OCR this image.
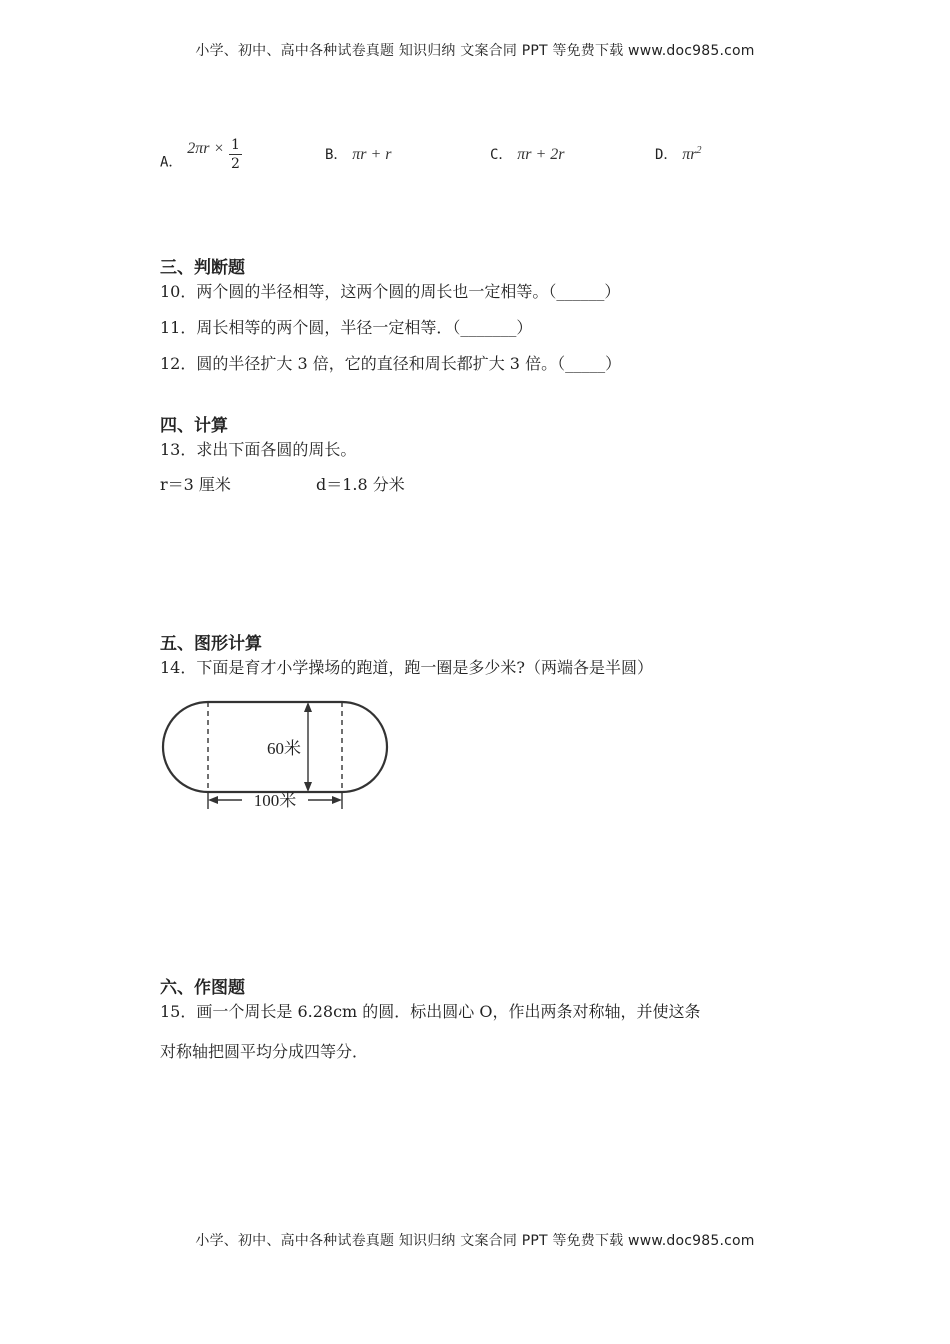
小学、初中、高中各种试卷真题 知识归纳 文案合同 PPT 等免费下载 www.doc985.com
A． $2\pi r \times \frac{1}{2}$	B． πr + r	C． πr + 2r	D． $\pi r^2$
三、判断题
10．两个圆的半径相等，这两个圆的周长也一定相等。（______）
11．周长相等的两个圆，半径一定相等．（_______）
12．圆的半径扩大 3 倍，它的直径和周长都扩大 3 倍。（_____）
四、计算
13．求出下面各圆的周长。
r＝3 厘米	d＝1.8 分米
五、图形计算
14．下面是育才小学操场的跑道，跑一圈是多少米?（两端各是半圆）
60米
100米
六、作图题
15．画一个周长是 6.28cm 的圆．标出圆心 O，作出两条对称轴，并使这条
对称轴把圆平均分成四等分．
小学、初中、高中各种试卷真题 知识归纳 文案合同 PPT 等免费下载 www.doc985.com
